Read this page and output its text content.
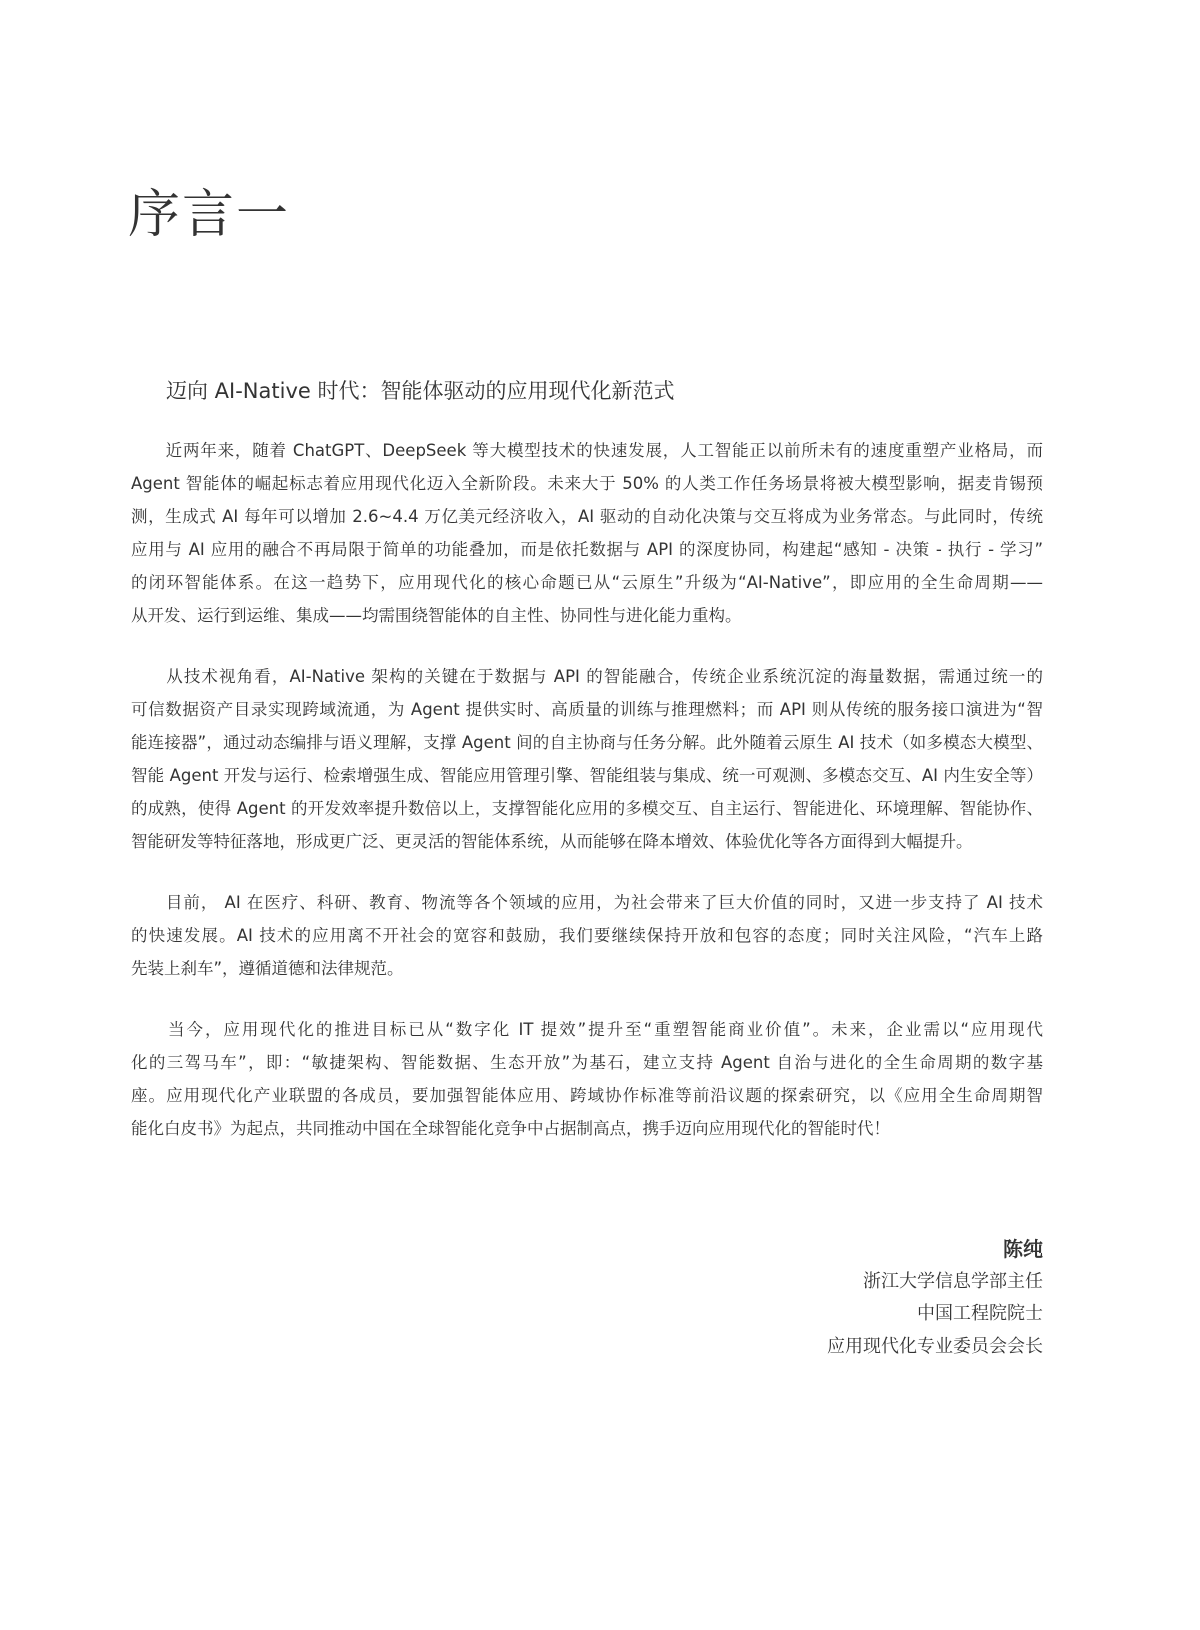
序言一
迈向 AI-Native 时代：智能体驱动的应用现代化新范式
　　近两年来，随着 ChatGPT、DeepSeek 等大模型技术的快速发展，人工智能正以前所未有的速度重塑产业格局，而
Agent 智能体的崛起标志着应用现代化迈入全新阶段。未来大于 50% 的人类工作任务场景将被大模型影响，据麦肯锡预
测，生成式 AI 每年可以增加 2.6~4.4 万亿美元经济收入，AI 驱动的自动化决策与交互将成为业务常态。与此同时，传统
应用与 AI 应用的融合不再局限于简单的功能叠加，而是依托数据与 API 的深度协同，构建起“感知 - 决策 - 执行 - 学习”
的闭环智能体系。在这一趋势下，应用现代化的核心命题已从“云原生”升级为“AI-Native”，即应用的全生命周期——
从开发、运行到运维、集成——均需围绕智能体的自主性、协同性与进化能力重构。
　　从技术视角看，AI-Native 架构的关键在于数据与 API 的智能融合，传统企业系统沉淀的海量数据，需通过统一的
可信数据资产目录实现跨域流通，为 Agent 提供实时、高质量的训练与推理燃料；而 API 则从传统的服务接口演进为“智
能连接器”，通过动态编排与语义理解，支撑 Agent 间的自主协商与任务分解。此外随着云原生 AI 技术（如多模态大模型、
智能 Agent 开发与运行、检索增强生成、智能应用管理引擎、智能组装与集成、统一可观测、多模态交互、AI 内生安全等）
的成熟，使得 Agent 的开发效率提升数倍以上，支撑智能化应用的多模交互、自主运行、智能进化、环境理解、智能协作、
智能研发等特征落地，形成更广泛、更灵活的智能体系统，从而能够在降本增效、体验优化等各方面得到大幅提升。
　　目前， AI 在医疗、科研、教育、物流等各个领域的应用，为社会带来了巨大价值的同时，又进一步支持了 AI 技术
的快速发展。AI 技术的应用离不开社会的宽容和鼓励，我们要继续保持开放和包容的态度；同时关注风险，“汽车上路
先装上刹车”，遵循道德和法律规范。
　　当今，应用现代化的推进目标已从“数字化 IT 提效”提升至“重塑智能商业价值”。未来，企业需以“应用现代
化的三驾马车”，即：“敏捷架构、智能数据、生态开放”为基石，建立支持 Agent 自治与进化的全生命周期的数字基
座。应用现代化产业联盟的各成员，要加强智能体应用、跨域协作标准等前沿议题的探索研究，以《应用全生命周期智
能化白皮书》为起点，共同推动中国在全球智能化竞争中占据制高点，携手迈向应用现代化的智能时代！
陈纯
浙江大学信息学部主任
中国工程院院士
应用现代化专业委员会会长
